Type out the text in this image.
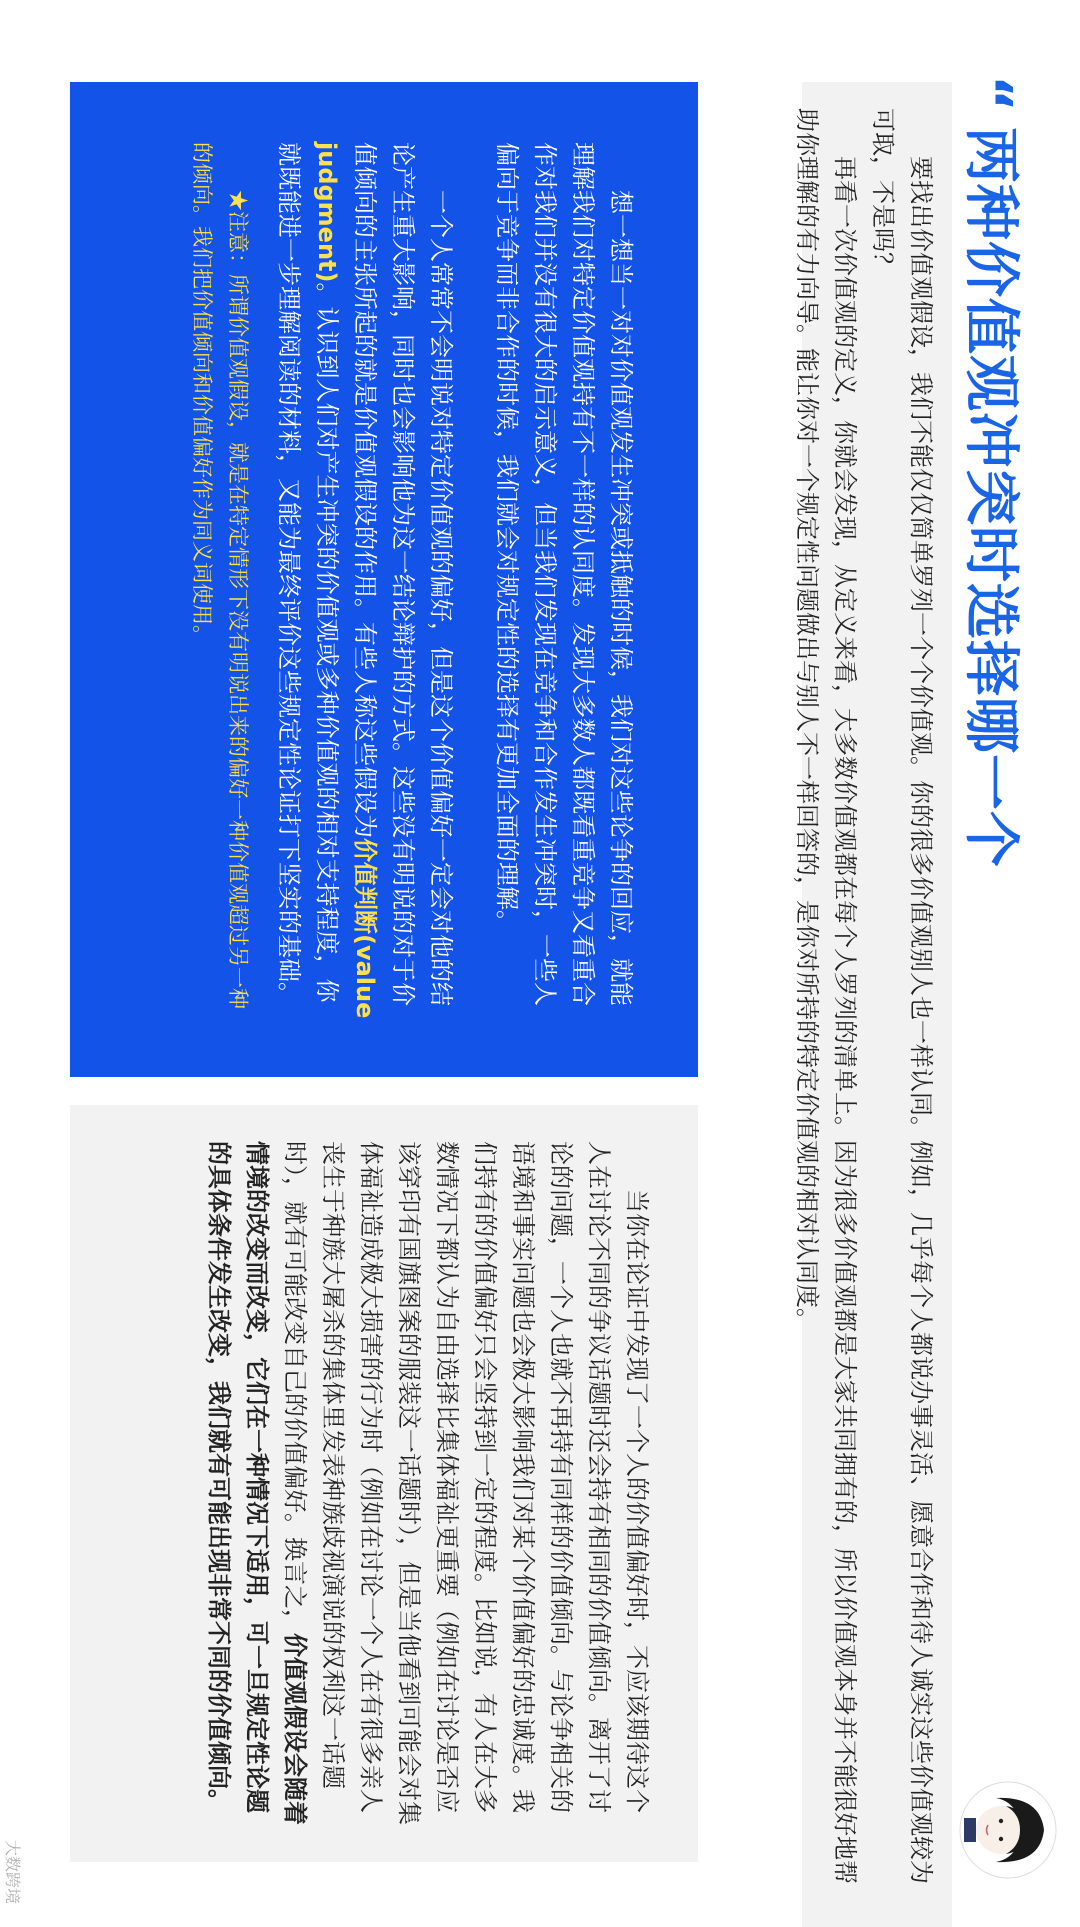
“两种价值观冲突时选择哪一个

要找出价值观假设，我们不能仅仅简单罗列一个个价值观。你的很多价值观别人也一样认同。例如，几乎每个人都说办事灵活、愿意合作和待人诚实这些价值观较为可取，不是吗？

再看一次价值观的定义，你就会发现，从定义来看，大多数价值观都在每个人罗列的清单上。因为很多价值观都是大家共同拥有的，所以价值观本身并不能很好地帮助你理解的有力向导。能让你对一个规定性问题做出与别人不一样回答的，是你对所持的特定价值观的相对认同度。

想一想当一对对价值观发生冲突或抵触的时候，我们对这些论争的回应，就能理解我们对特定价值观持有不一样的认同度。发现大多数人都既看重竞争又看重合作对我们并没有很大的启示意义，但当我们发现在竞争和合作发生冲突时，一些人偏向于竞争而非合作的时候，我们就会对规定性的选择有更加全面的理解。

一个人常常不会明说对特定价值观的偏好，但是这个价值偏好一定会对他的结论产生重大影响，同时也会影响他为这一结论辩护的方式。这些没有明说的对于价值倾向的主张所起的就是价值观假设的作用。有些人称这些假设为价值判断(value judgment)。认识到人们对产生冲突的价值观或多种价值观的相对支持程度，你就既能进一步理解阅读的材料，又能为最终评价这些规定性论证打下坚实的基础。

★注意：所谓价值观假设，就是在特定情形下没有明说出来的偏好一种价值观超过另一种的倾向。我们把价值倾向和价值偏好作为同义词使用。

当你在论证中发现了一个人的价值偏好时，不应该期待这个人在讨论不同的争议话题时还会持有相同的价值倾向。离开了讨论的问题，一个人也就不再持有同样的价值倾向。与论争相关的语境和事实问题也会极大影响我们对某个价值偏好的忠诚度。我们持有的价值偏好只会坚持到一定的程度。比如说，有人在大多数情况下都认为自由选择比集体福祉更重要（例如在讨论是否应该穿印有国旗图案的服装这一话题时），但是当他看到可能会对集体福祉造成极大损害的行为时（例如在讨论一个人在有很多亲人丧生于种族大屠杀的集体里发表种族歧视演说的权利这一话题时），就有可能改变自己的价值偏好。换言之，价值观假设会随着情境的改变而改变，它们在一种情况下适用，可一旦规定性论题的具体条件发生改变，我们就有可能出现非常不同的价值倾向。

大数跨境
